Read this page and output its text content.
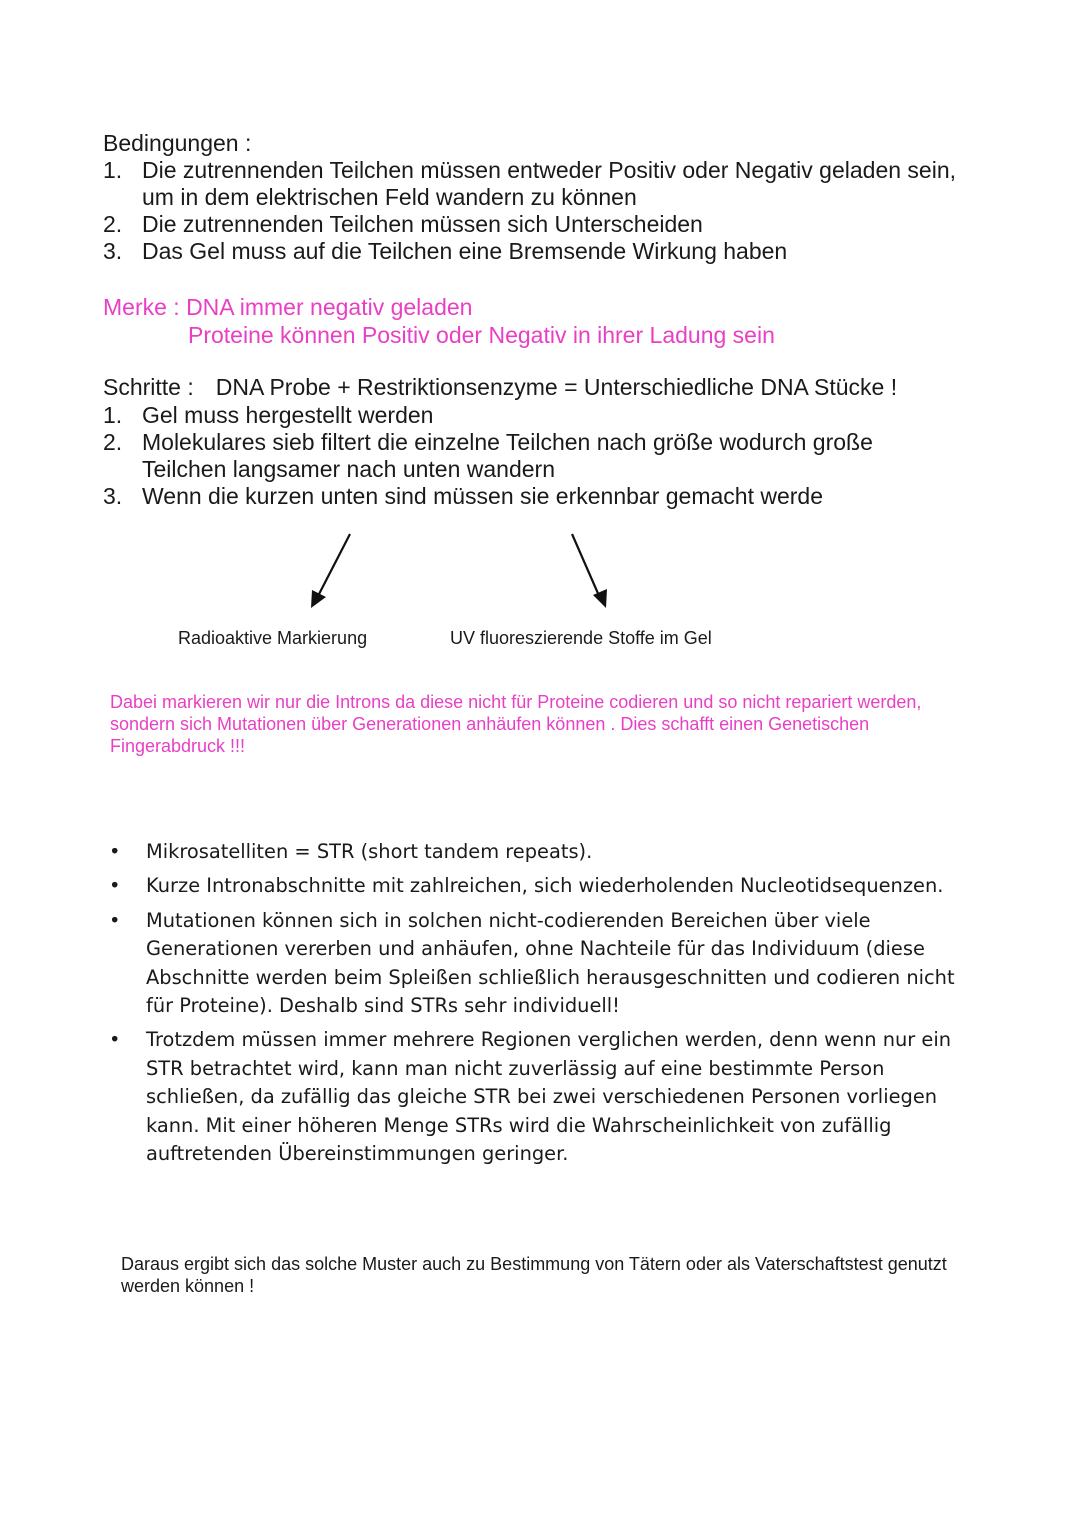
Bedingungen :
1. Die zutrennenden Teilchen müssen entweder Positiv oder Negativ geladen sein, um in dem elektrischen Feld wandern zu können
2. Die zutrennenden Teilchen müssen sich Unterscheiden
3. Das Gel muss auf die Teilchen eine Bremsende Wirkung haben
Merke : DNA immer negativ geladen
Proteine können Positiv oder Negativ in ihrer Ladung sein
Schritte : DNA Probe + Restriktionsenzyme = Unterschiedliche DNA Stücke !
1. Gel muss hergestellt werden
2. Molekulares sieb filtert die einzelne Teilchen nach größe wodurch große Teilchen langsamer nach unten wandern
3. Wenn die kurzen unten sind müssen sie erkennbar gemacht werde
Radioaktive Markierung	UV fluoreszierende Stoffe im Gel
Dabei markieren wir nur die Introns da diese nicht für Proteine codieren und so nicht repariert werden, sondern sich Mutationen über Generationen anhäufen können . Dies schafft einen Genetischen Fingerabdruck !!!
•	Mikrosatelliten = STR (short tandem repeats).
•	Kurze Intronabschnitte mit zahlreichen, sich wiederholenden Nucleotidsequenzen.
•	Mutationen können sich in solchen nicht-codierenden Bereichen über viele Generationen vererben und anhäufen, ohne Nachteile für das Individuum (diese Abschnitte werden beim Spleißen schließlich herausgeschnitten und codieren nicht für Proteine). Deshalb sind STRs sehr individuell!
•	Trotzdem müssen immer mehrere Regionen verglichen werden, denn wenn nur ein STR betrachtet wird, kann man nicht zuverlässig auf eine bestimmte Person schließen, da zufällig das gleiche STR bei zwei verschiedenen Personen vorliegen kann. Mit einer höheren Menge STRs wird die Wahrscheinlichkeit von zufällig auftretenden Übereinstimmungen geringer.
Daraus ergibt sich das solche Muster auch zu Bestimmung von Tätern oder als Vaterschaftstest genutzt werden können !
